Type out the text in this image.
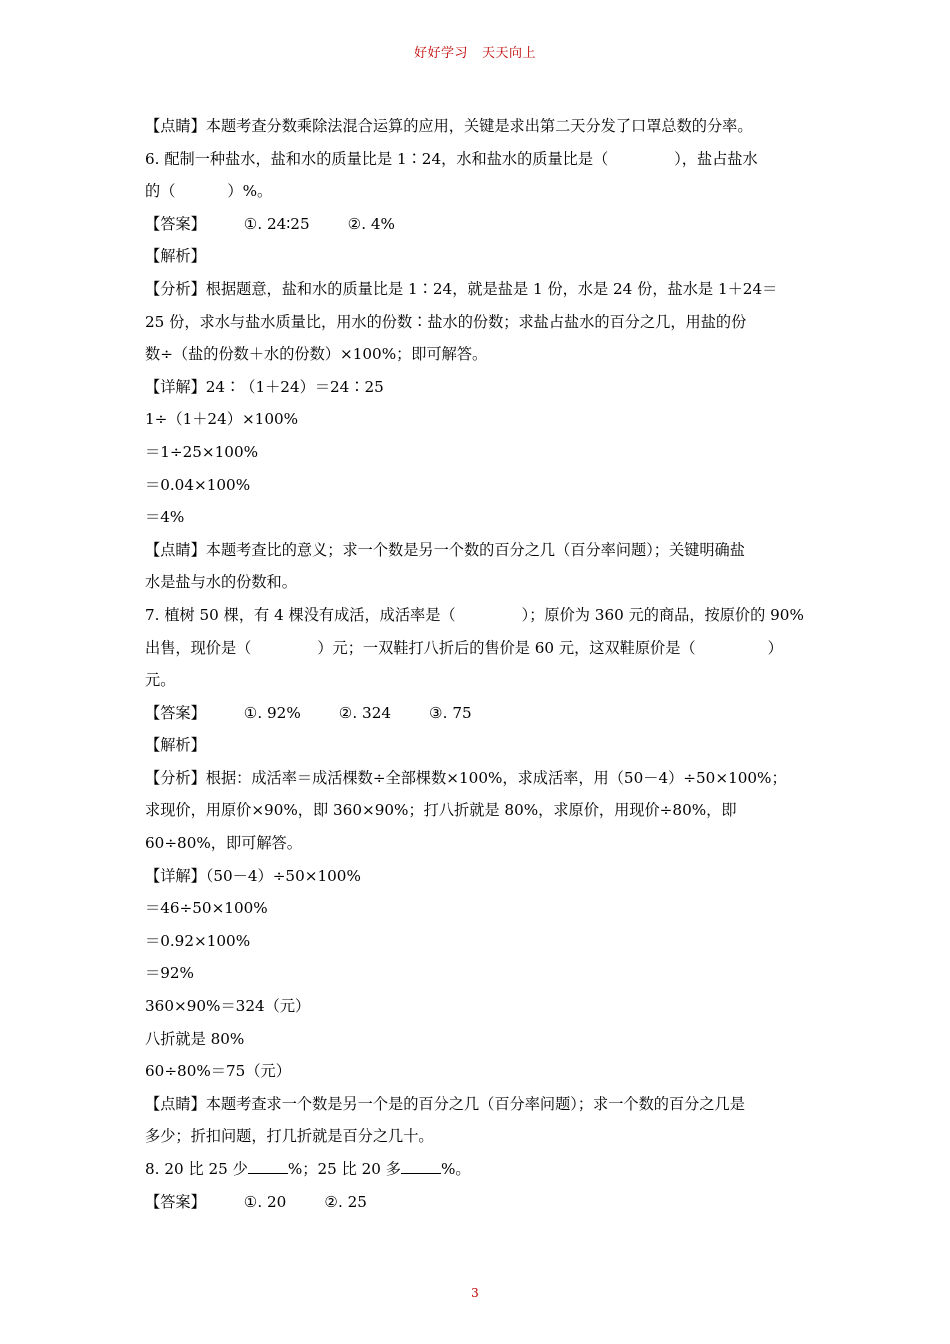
好好学习 天天向上
【点睛】本题考查分数乘除法混合运算的应用，关键是求出第二天分发了口罩总数的分率。
6. 配制一种盐水，盐和水的质量比是 1∶24，水和盐水的质量比是（	），盐占盐水
的（	）%。
【答案】	①. 24∶25	②. 4%
【解析】
【分析】根据题意，盐和水的质量比是 1∶24，就是盐是 1 份，水是 24 份，盐水是 1＋24＝
25 份，求水与盐水质量比，用水的份数∶盐水的份数；求盐占盐水的百分之几，用盐的份
数÷（盐的份数＋水的份数）×100%；即可解答。
【详解】24∶（1＋24）＝24∶25
1÷（1＋24）×100%
＝1÷25×100%
＝0.04×100%
＝4%
【点睛】本题考查比的意义；求一个数是另一个数的百分之几（百分率问题）；关键明确盐
水是盐与水的份数和。
7. 植树 50 棵，有 4 棵没有成活，成活率是（	）；原价为 360 元的商品，按原价的 90%
出售，现价是（	）元；一双鞋打八折后的售价是 60 元，这双鞋原价是（	）
元。
【答案】	①. 92%	②. 324	③. 75
【解析】
【分析】根据：成活率＝成活棵数÷全部棵数×100%，求成活率，用（50－4）÷50×100%；
求现价，用原价×90%，即 360×90%；打八折就是 80%，求原价，用现价÷80%，即
60÷80%，即可解答。
【详解】（50－4）÷50×100%
＝46÷50×100%
＝0.92×100%
＝92%
360×90%＝324（元）
八折就是 80%
60÷80%＝75（元）
【点睛】本题考查求一个数是另一个是的百分之几（百分率问题）；求一个数的百分之几是
多少；折扣问题，打几折就是百分之几十。
8. 20 比 25 少	%；25 比 20 多	%。
【答案】	①. 20	②. 25
3
